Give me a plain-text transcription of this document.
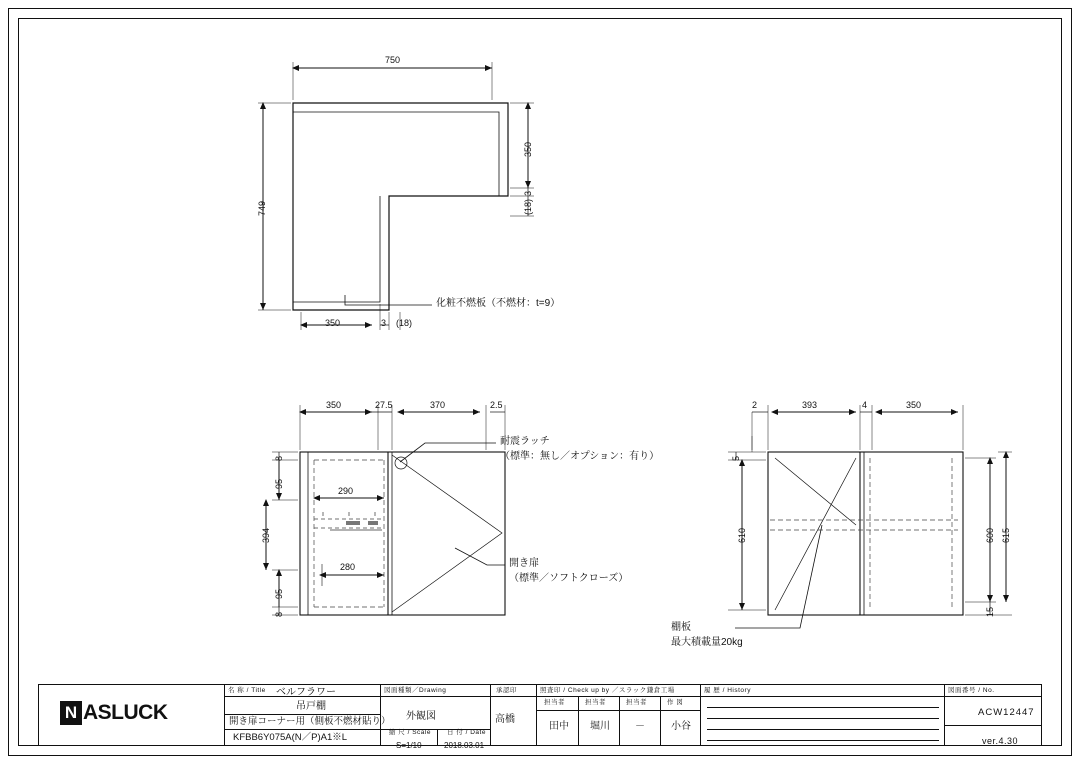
750
749
350
3
(18)
350	3 (18)
化粧不燃板（不燃材：t=9）
350	27.5	370	2.5
8
95
394
95
8
290
280
耐震ラッチ
（標準：無し／オプション：有り）
開き扉
（標準／ソフトクローズ）
2	393	4	350
5
610	600 615
15
棚板
最大積載量20kg
N ASLUCK
名 称 / Title ベルフラワー
吊戸棚
開き扉コーナー用（側板不燃材貼り）
KFBB6Y075A(N／P)A1※L
図面種類／Drawing
外観図
縮 尺 / Scale 日 付 / Date
S=1/10	2018.03.01
承認印
高橋
照査印 / Check up by ／スラック鎌倉工場
担当者	担当者	担当者	作 図
田中 堀川	－	小谷
履 歴 / History	図面番号 / No.
ACW12447
ver.4.30
